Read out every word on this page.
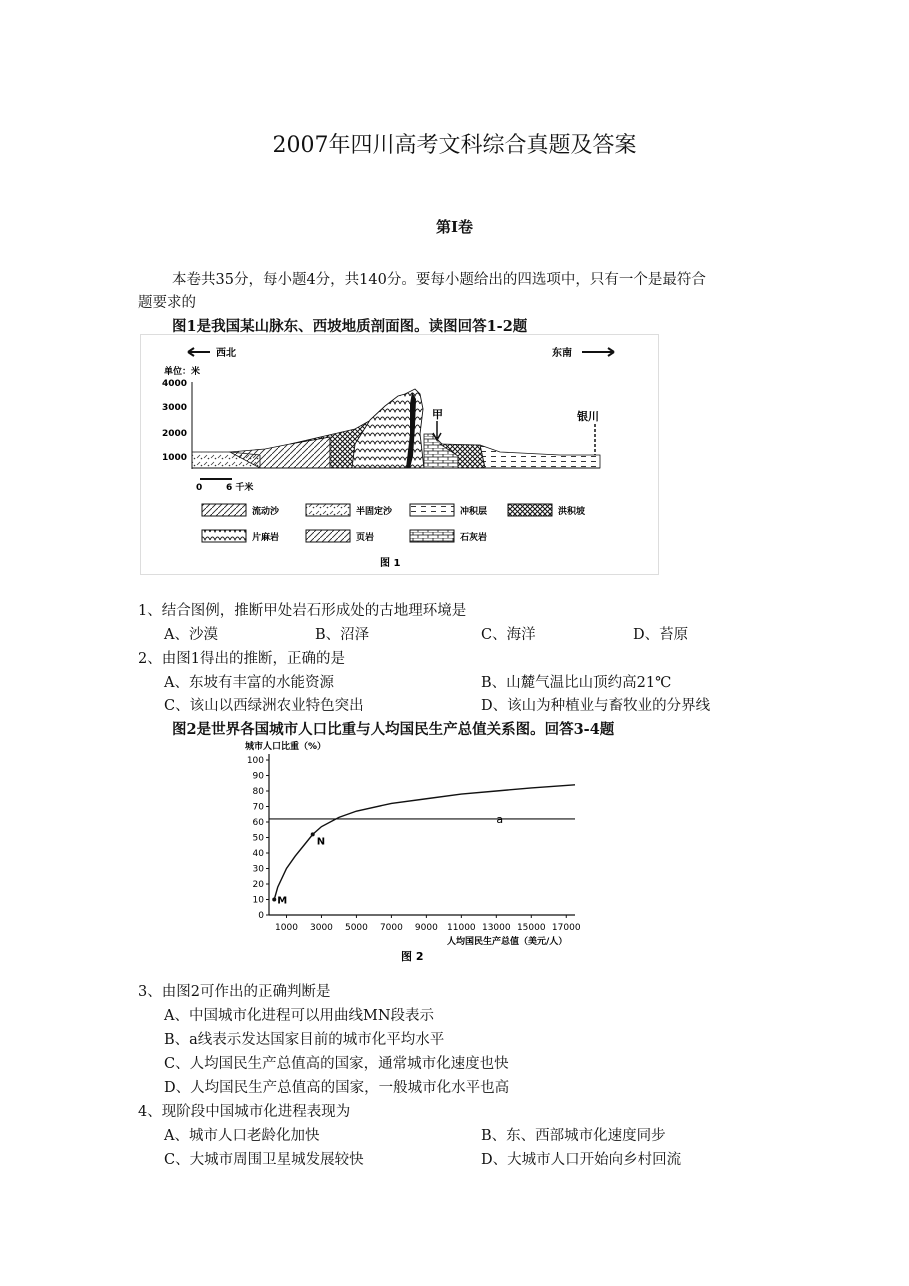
2007年四川高考文科综合真题及答案
第Ⅰ卷
本卷共35分，每小题4分，共140分。要每小题给出的四选项中，只有一个是最符合
题要求的
图1是我国某山脉东、西坡地质剖面图。读图回答1-2题
西北	东南
单位：米
4000
3000
2000
1000
甲	银川
0	6 千米
流动沙	半固定沙	冲积层	洪积坡
片麻岩	页岩	石灰岩
图 1
1、结合图例，推断甲处岩石形成处的古地理环境是
A、沙漠	B、沼泽	C、海洋	D、苔原
2、由图1得出的推断，正确的是
A、东坡有丰富的水能资源	B、山麓气温比山顶约高21℃
C、该山以西绿洲农业特色突出	D、该山为种植业与畜牧业的分界线
图2是世界各国城市人口比重与人均国民生产总值关系图。回答3-4题
城市人口比重（%）
0
10
20
30
40
50
60
70
80
90
100
1000 3000 5000 7000 9000 11000 13000 15000 17000
a
N
M
人均国民生产总值（美元/人）
图 2
3、由图2可作出的正确判断是
A、中国城市化进程可以用曲线MN段表示
B、a线表示发达国家目前的城市化平均水平
C、人均国民生产总值高的国家，通常城市化速度也快
D、人均国民生产总值高的国家，一般城市化水平也高
4、现阶段中国城市化进程表现为
A、城市人口老龄化加快	B、东、西部城市化速度同步
C、大城市周围卫星城发展较快	D、大城市人口开始向乡村回流
